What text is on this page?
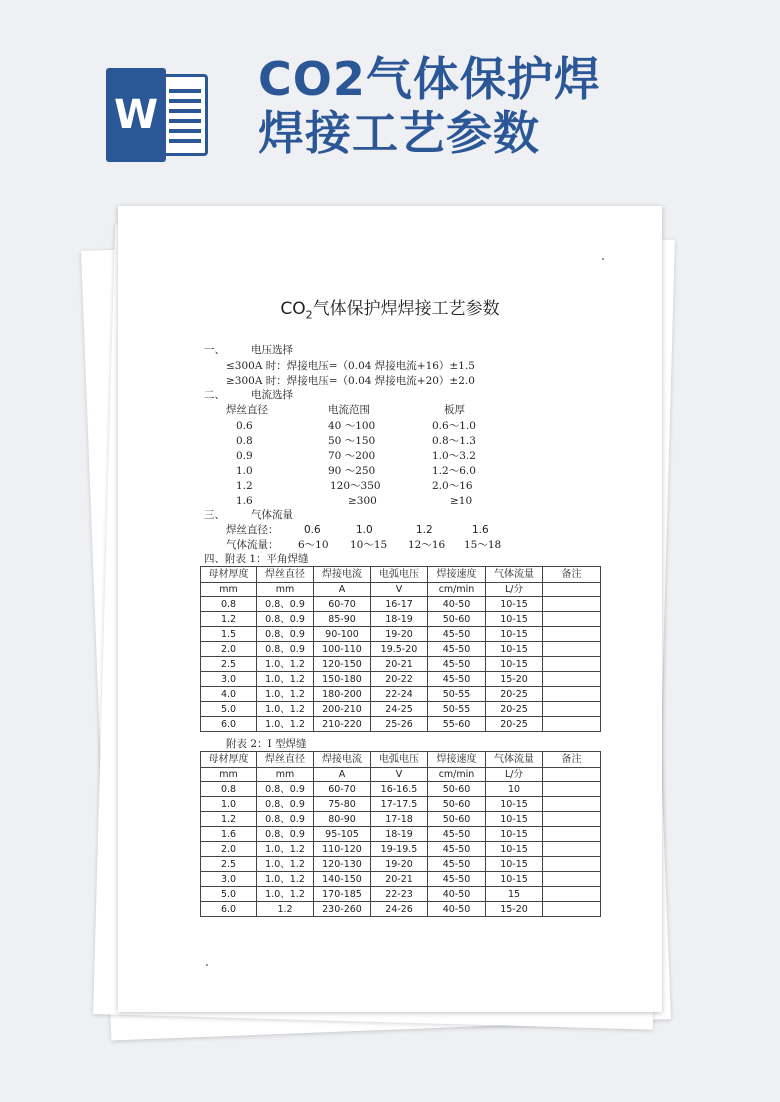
W
CO2气体保护焊
焊接工艺参数
$CO_2$气体保护焊焊接工艺参数
一、 电压选择
≤300A 时：焊接电压=（0.04 焊接电流+16）±1.5
≥300A 时：焊接电压=（0.04 焊接电流+20）±2.0
二、 电流选择
焊丝直径	电流范围	板厚
0.6	40 ～100	0.6～1.0
0.8	50 ～150	0.8～1.3
0.9	70 ～200	1.0～3.2
1.0	90 ～250	1.2～6.0
1.2	120～350	2.0～16
1.6	≥300	≥10
三、 气体流量
焊丝直径： 0.6	1.0	1.2	1.6
气体流量： 6～10 10～15 12～16 15～18
四、附表 1：平角焊缝
母材厚度	焊丝直径	焊接电流	电弧电压	焊接速度	气体流量	备注
mm	mm	A	V	cm/min	L/分	
0.8	0.8、0.9	60-70	16-17	40-50	10-15	
1.2	0.8、0.9	85-90	18-19	50-60	10-15	
1.5	0.8、0.9	90-100	19-20	45-50	10-15	
2.0	0.8、0.9	100-110	19.5-20	45-50	10-15	
2.5	1.0、1.2	120-150	20-21	45-50	10-15	
3.0	1.0、1.2	150-180	20-22	45-50	15-20	
4.0	1.0、1.2	180-200	22-24	50-55	20-25	
5.0	1.0、1.2	200-210	24-25	50-55	20-25	
6.0	1.0、1.2	210-220	25-26	55-60	20-25	
附表 2：I 型焊缝
母材厚度	焊丝直径	焊接电流	电弧电压	焊接速度	气体流量	备注
mm	mm	A	V	cm/min	L/分	
0.8	0.8、0.9	60-70	16-16.5	50-60	10	
1.0	0.8、0.9	75-80	17-17.5	50-60	10-15	
1.2	0.8、0.9	80-90	17-18	50-60	10-15	
1.6	0.8、0.9	95-105	18-19	45-50	10-15	
2.0	1.0、1.2	110-120	19-19.5	45-50	10-15	
2.5	1.0、1.2	120-130	19-20	45-50	10-15	
3.0	1.0、1.2	140-150	20-21	45-50	10-15	
5.0	1.0、1.2	170-185	22-23	40-50	15	
6.0	1.2	230-260	24-26	40-50	15-20	
